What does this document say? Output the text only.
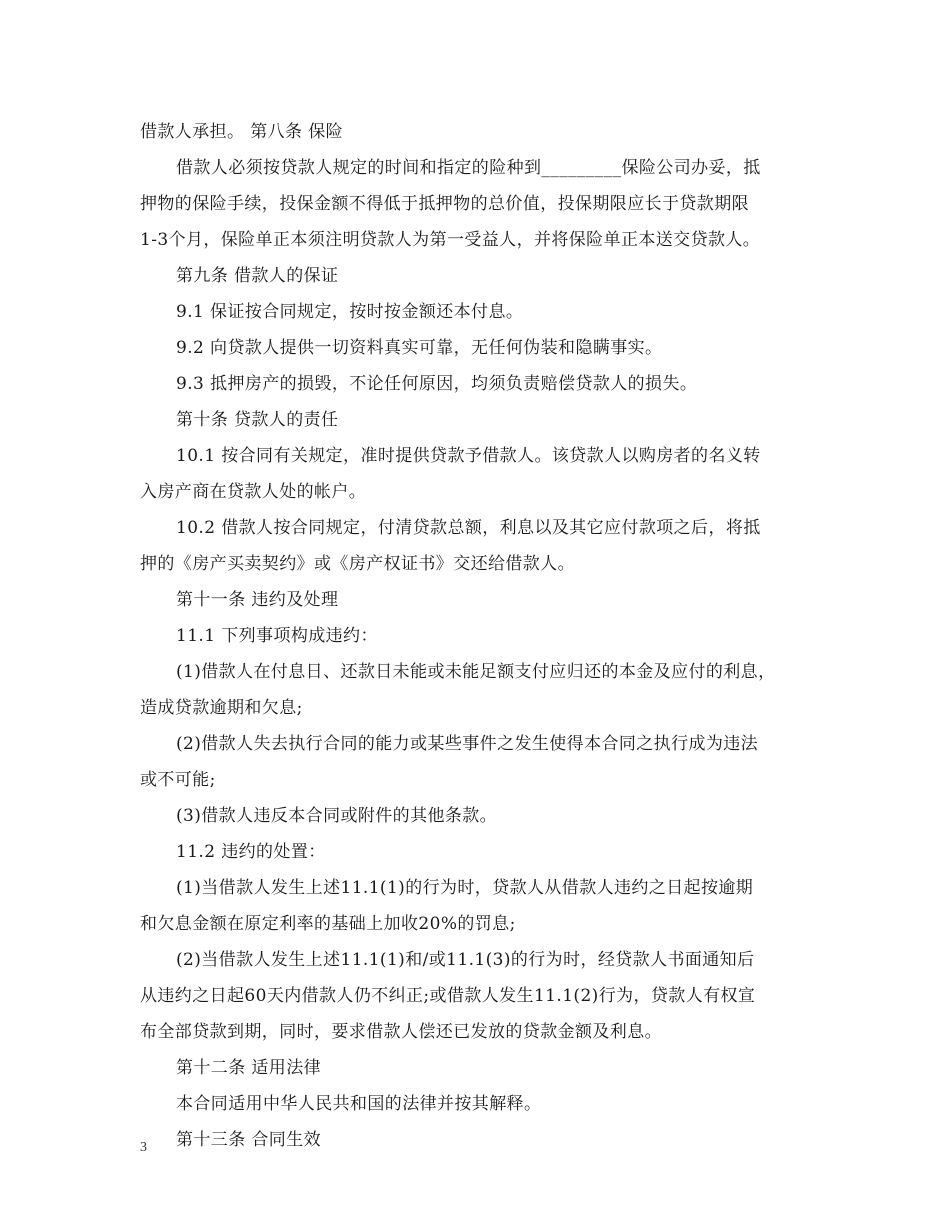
借款人承担。 第八条 保险

借款人必须按贷款人规定的时间和指定的险种到_________保险公司办妥，抵

押物的保险手续，投保金额不得低于抵押物的总价值，投保期限应长于贷款期限

1-3个月，保险单正本须注明贷款人为第一受益人，并将保险单正本送交贷款人。

第九条 借款人的保证

9.1 保证按合同规定，按时按金额还本付息。

9.2 向贷款人提供一切资料真实可靠，无任何伪装和隐瞒事实。

9.3 抵押房产的损毁，不论任何原因，均须负责赔偿贷款人的损失。

第十条 贷款人的责任

10.1 按合同有关规定，准时提供贷款予借款人。该贷款人以购房者的名义转

入房产商在贷款人处的帐户。

10.2 借款人按合同规定，付清贷款总额，利息以及其它应付款项之后，将抵

押的《房产买卖契约》或《房产权证书》交还给借款人。

第十一条 违约及处理

11.1 下列事项构成违约：

(1)借款人在付息日、还款日未能或未能足额支付应归还的本金及应付的利息，

造成贷款逾期和欠息;

(2)借款人失去执行合同的能力或某些事件之发生使得本合同之执行成为违法

或不可能;

(3)借款人违反本合同或附件的其他条款。

11.2 违约的处置：

(1)当借款人发生上述11.1(1)的行为时，贷款人从借款人违约之日起按逾期

和欠息金额在原定利率的基础上加收20%的罚息;

(2)当借款人发生上述11.1(1)和/或11.1(3)的行为时，经贷款人书面通知后

从违约之日起60天内借款人仍不纠正;或借款人发生11.1(2)行为，贷款人有权宣

布全部贷款到期，同时，要求借款人偿还已发放的贷款金额及利息。

第十二条 适用法律

本合同适用中华人民共和国的法律并按其解释。

第十三条 合同生效

3
